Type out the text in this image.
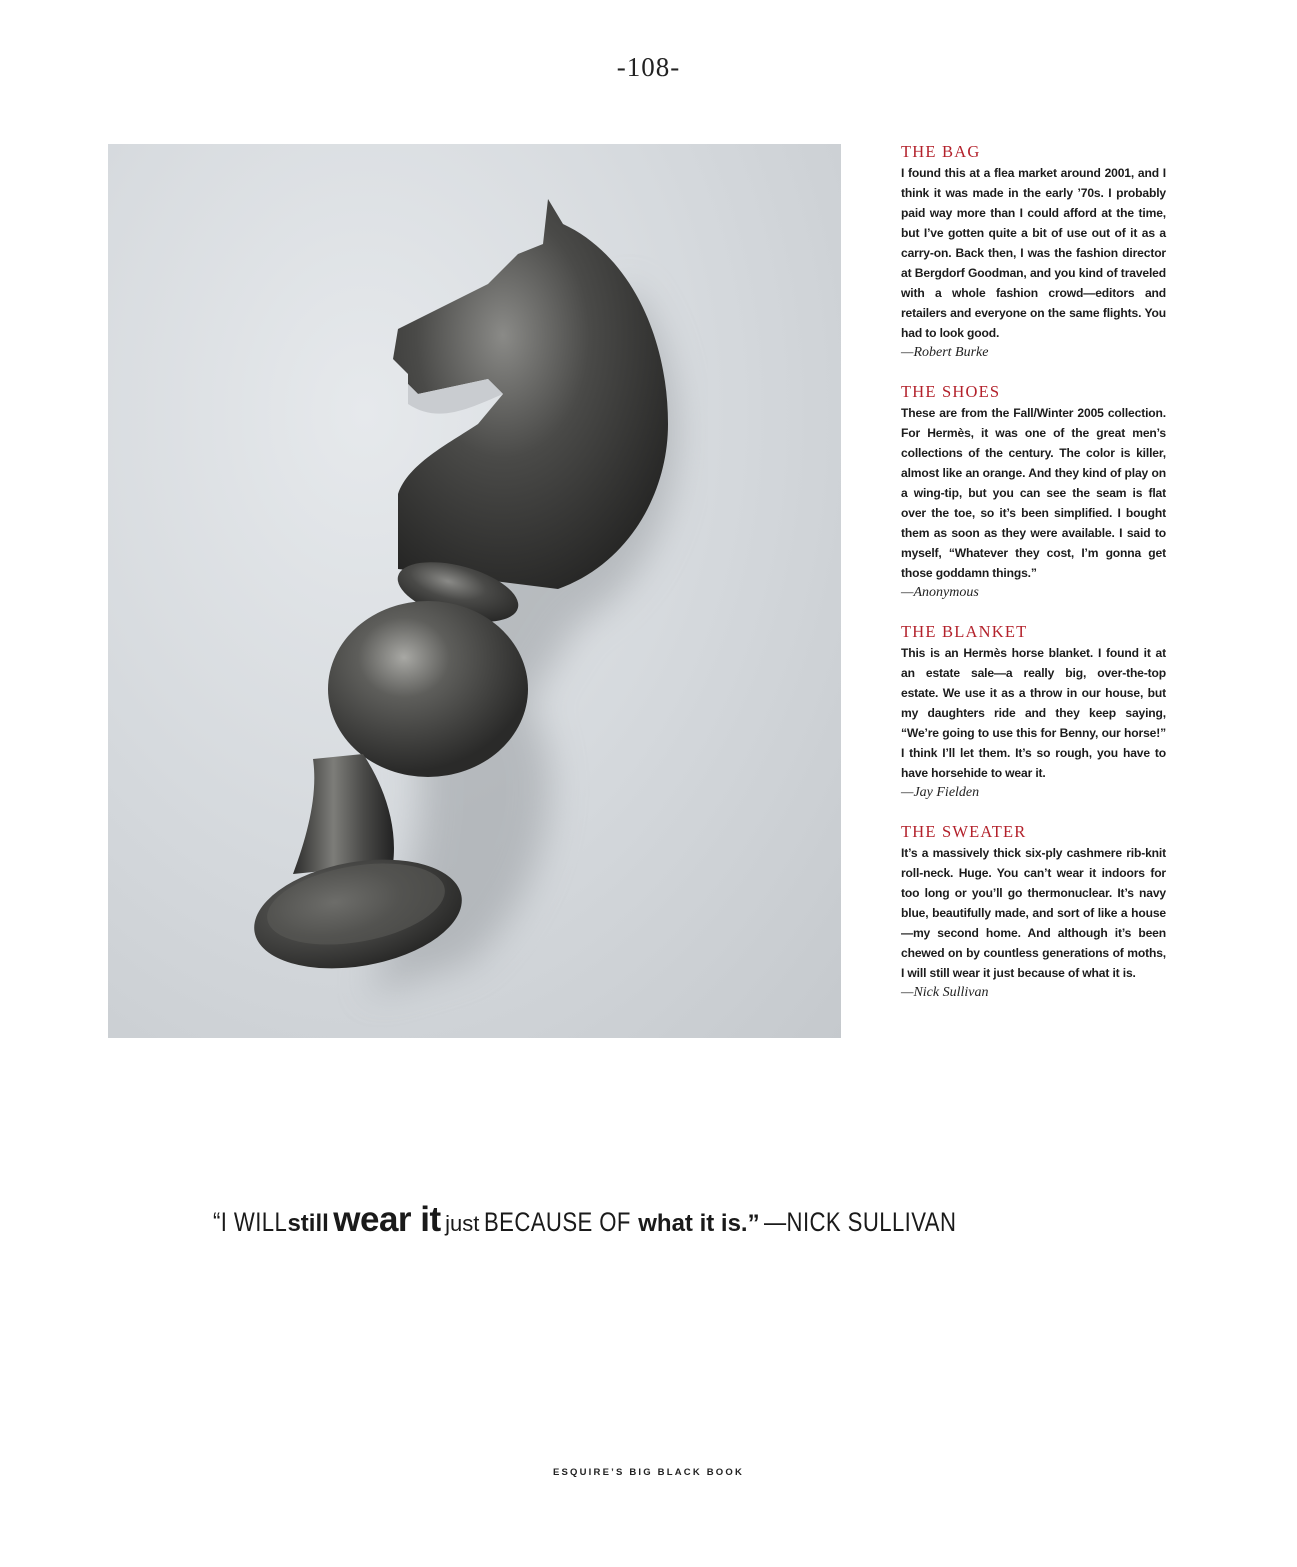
-108-
THE BAG
I found this at a flea market around 2001, and I think it was made in the early ’70s. I probably paid way more than I could afford at the time, but I’ve gotten quite a bit of use out of it as a carry-on. Back then, I was the fashion director at Bergdorf Goodman, and you kind of traveled with a whole fashion crowd—editors and retailers and everyone on the same flights. You had to look good.
—Robert Burke
THE SHOES
These are from the Fall/Winter 2005 collection. For Hermès, it was one of the great men’s collections of the century. The color is killer, almost like an orange. And they kind of play on a wing-tip, but you can see the seam is flat over the toe, so it’s been simplified. I bought them as soon as they were available. I said to myself, “Whatever they cost, I’m gonna get those goddamn things.”
—Anonymous
THE BLANKET
This is an Hermès horse blanket. I found it at an estate sale—a really big, over-the-top estate. We use it as a throw in our house, but my daughters ride and they keep saying, “We’re going to use this for Benny, our horse!” I think I’ll let them. It’s so rough, you have to have horsehide to wear it.
—Jay Fielden
THE SWEATER
It’s a massively thick six-ply cashmere rib-knit roll-neck. Huge. You can’t wear it indoors for too long or you’ll go thermonuclear. It’s navy blue, beautifully made, and sort of like a house—my second home. And although it’s been chewed on by countless generations of moths, I will still wear it just because of what it is.
—Nick Sullivan
“I WILL still wear it just BECAUSE OF what it is.” —NICK SULLIVAN
ESQUIRE’S BIG BLACK BOOK
